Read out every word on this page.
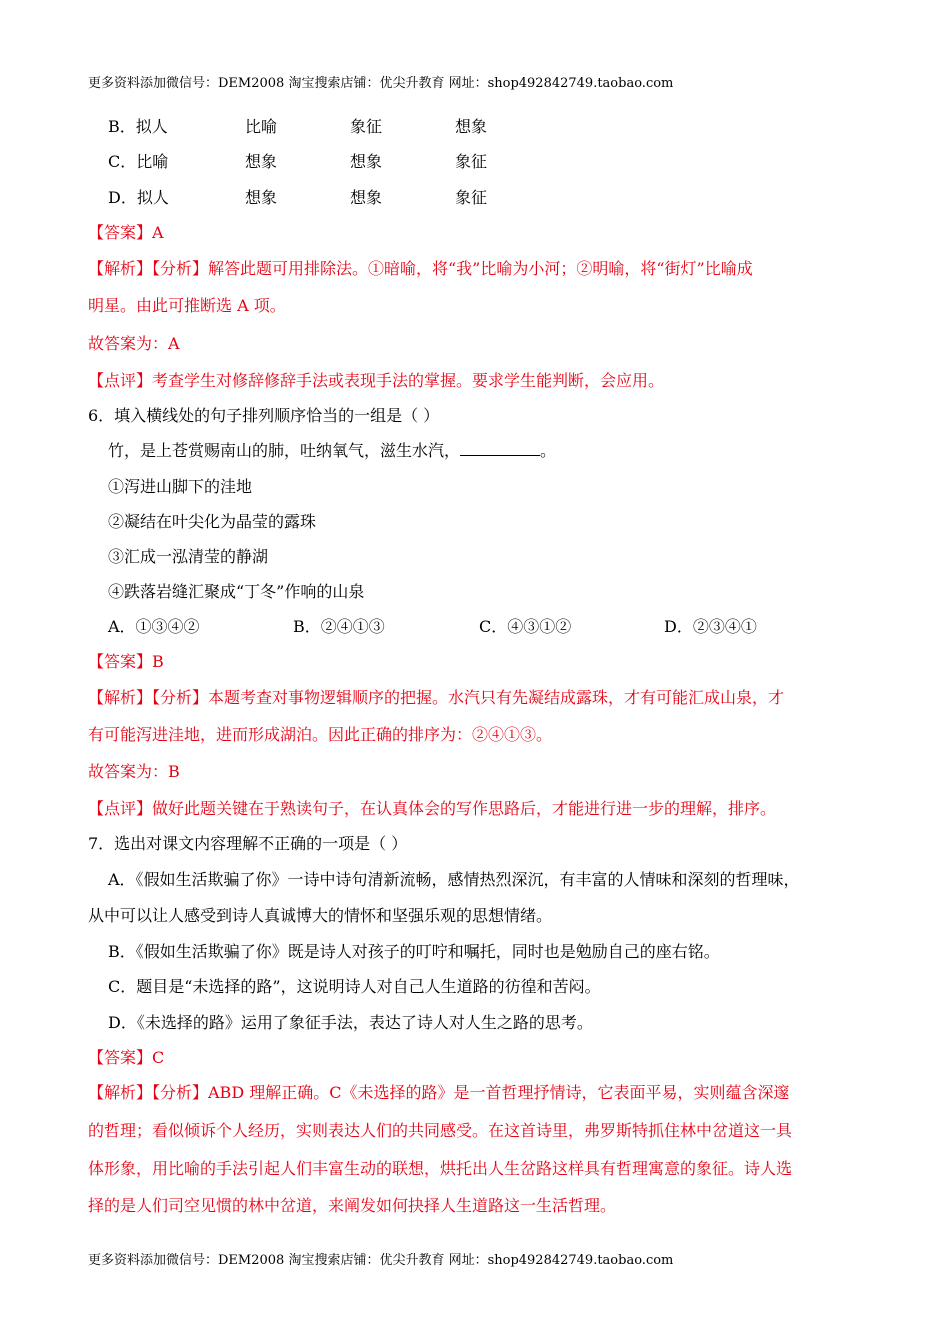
更多资料添加微信号：DEM2008 淘宝搜索店铺：优尖升教育 网址：shop492842749.taobao.com
B．拟人	比喻	象征	想象
C．比喻	想象	想象	象征
D．拟人	想象	想象	象征
【答案】A
【解析】【分析】解答此题可用排除法。①暗喻，将“我”比喻为小河；②明喻，将“街灯”比喻成
明星。由此可推断选 A 项。
故答案为：A
【点评】考查学生对修辞修辞手法或表现手法的掌握。要求学生能判断，会应用。
6．填入横线处的句子排列顺序恰当的一组是（ ）
竹，是上苍赏赐南山的肺，吐纳氧气，滋生水汽，	。
①泻进山脚下的洼地
②凝结在叶尖化为晶莹的露珠
③汇成一泓清莹的静湖
④跌落岩缝汇聚成“丁冬”作响的山泉
A．①③④②	B．②④①③	C．④③①②	D．②③④①
【答案】B
【解析】【分析】本题考查对事物逻辑顺序的把握。水汽只有先凝结成露珠，才有可能汇成山泉，才
有可能泻进洼地，进而形成湖泊。因此正确的排序为：②④①③。
故答案为：B
【点评】做好此题关键在于熟读句子，在认真体会的写作思路后，才能进行进一步的理解，排序。
7．选出对课文内容理解不正确的一项是（ ）
A．《假如生活欺骗了你》一诗中诗句清新流畅，感情热烈深沉，有丰富的人情味和深刻的哲理味，
从中可以让人感受到诗人真诚博大的情怀和坚强乐观的思想情绪。
B．《假如生活欺骗了你》既是诗人对孩子的叮咛和嘱托，同时也是勉励自己的座右铭。
C．题目是“未选择的路”，这说明诗人对自己人生道路的彷徨和苦闷。
D．《未选择的路》运用了象征手法，表达了诗人对人生之路的思考。
【答案】C
【解析】【分析】ABD 理解正确。C《未选择的路》是一首哲理抒情诗，它表面平易，实则蕴含深邃
的哲理；看似倾诉个人经历，实则表达人们的共同感受。在这首诗里，弗罗斯特抓住林中岔道这一具
体形象，用比喻的手法引起人们丰富生动的联想，烘托出人生岔路这样具有哲理寓意的象征。诗人选
择的是人们司空见惯的林中岔道，来阐发如何抉择人生道路这一生活哲理。
更多资料添加微信号：DEM2008 淘宝搜索店铺：优尖升教育 网址：shop492842749.taobao.com
